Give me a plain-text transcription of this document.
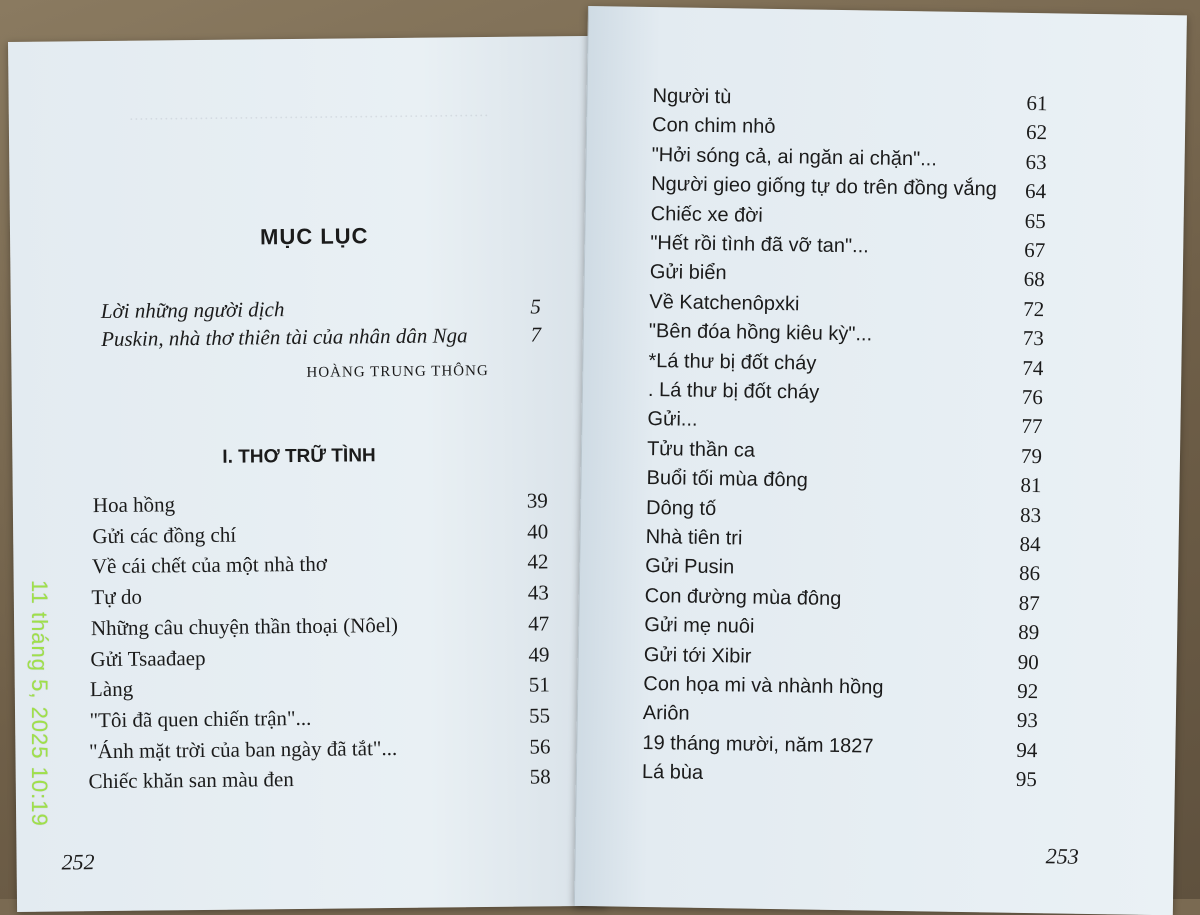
………………………………………………………………
MỤC LỤC
Lời những người dịch	5
Puskin, nhà thơ thiên tài của nhân dân Nga	7
HOÀNG TRUNG THÔNG
I. THƠ TRỮ TÌNH
Hoa hồng	39
Gửi các đồng chí	40
Về cái chết của một nhà thơ	42
Tự do	43
Những câu chuyện thần thoại (Nôel)	47
Gửi Tsaađaep	49
Làng	51
"Tôi đã quen chiến trận"...	55
"Ánh mặt trời của ban ngày đã tắt"...	56
Chiếc khăn san màu đen	58
252
Người tù	61
Con chim nhỏ	62
"Hởi sóng cả, ai ngăn ai chặn"...	63
Người gieo giống tự do trên đồng vắng	64
Chiếc xe đời	65
"Hết rồi tình đã vỡ tan"...	67
Gửi biển	68
Về Katchenôpxki	72
"Bên đóa hồng kiêu kỳ"...	73
*Lá thư bị đốt cháy	74
. Lá thư bị đốt cháy	76
Gửi...	77
Tửu thần ca	79
Buổi tối mùa đông	81
Dông tố	83
Nhà tiên tri	84
Gửi Pusin	86
Con đường mùa đông	87
Gửi mẹ nuôi	89
Gửi tới Xibir	90
Con họa mi và nhành hồng	92
Ariôn	93
19 tháng mười, năm 1827	94
Lá bùa	95
253
11 tháng 5, 2025 10:19
